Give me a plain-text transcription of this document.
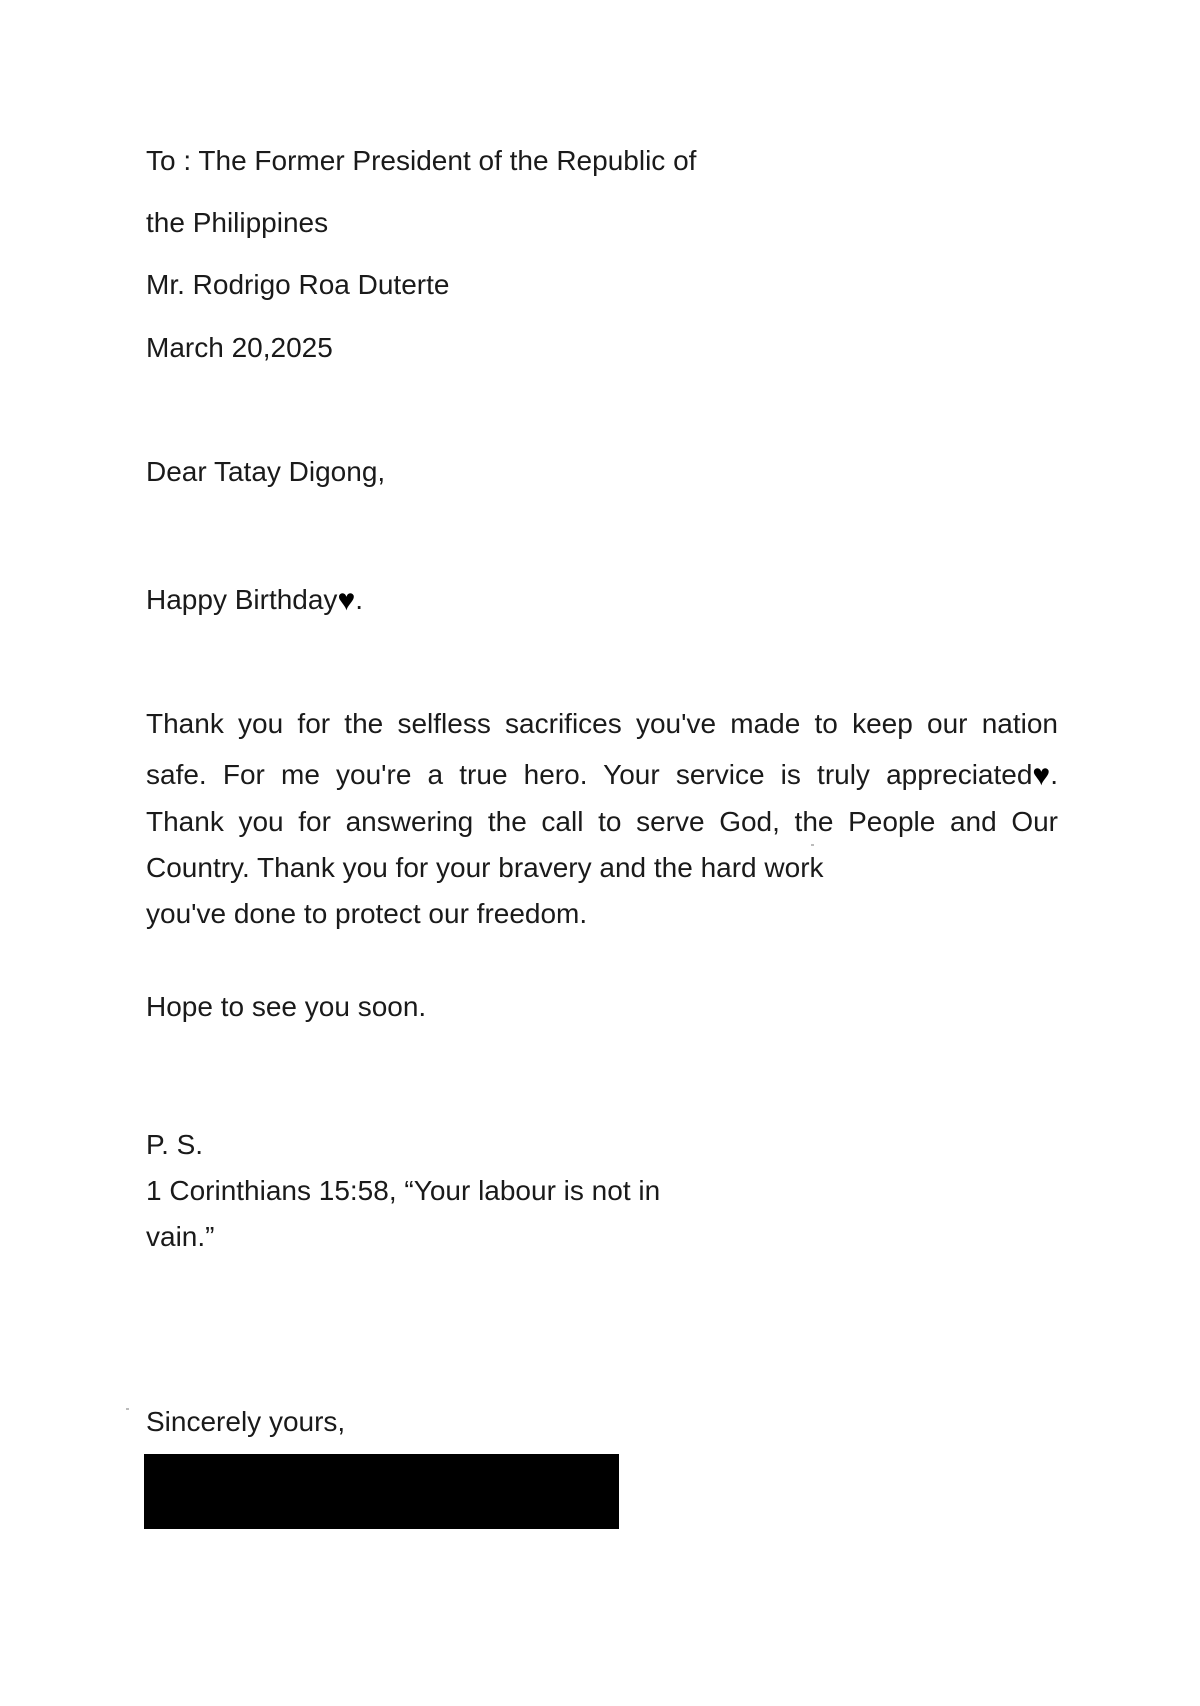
To : The Former President of the Republic of
the Philippines
Mr. Rodrigo Roa Duterte
March 20,2025
Dear Tatay Digong,
Happy Birthday♥.
Thank you for the selfless sacrifices you've made to keep our nation
safe. For me you're a true hero. Your service is truly appreciated♥.
Thank you for answering the call to serve God, the People and Our
Country. Thank you for your bravery and the hard work
you've done to protect our freedom.
Hope to see you soon.
P. S.
1 Corinthians 15:58, “Your labour is not in
vain.”
Sincerely yours,
